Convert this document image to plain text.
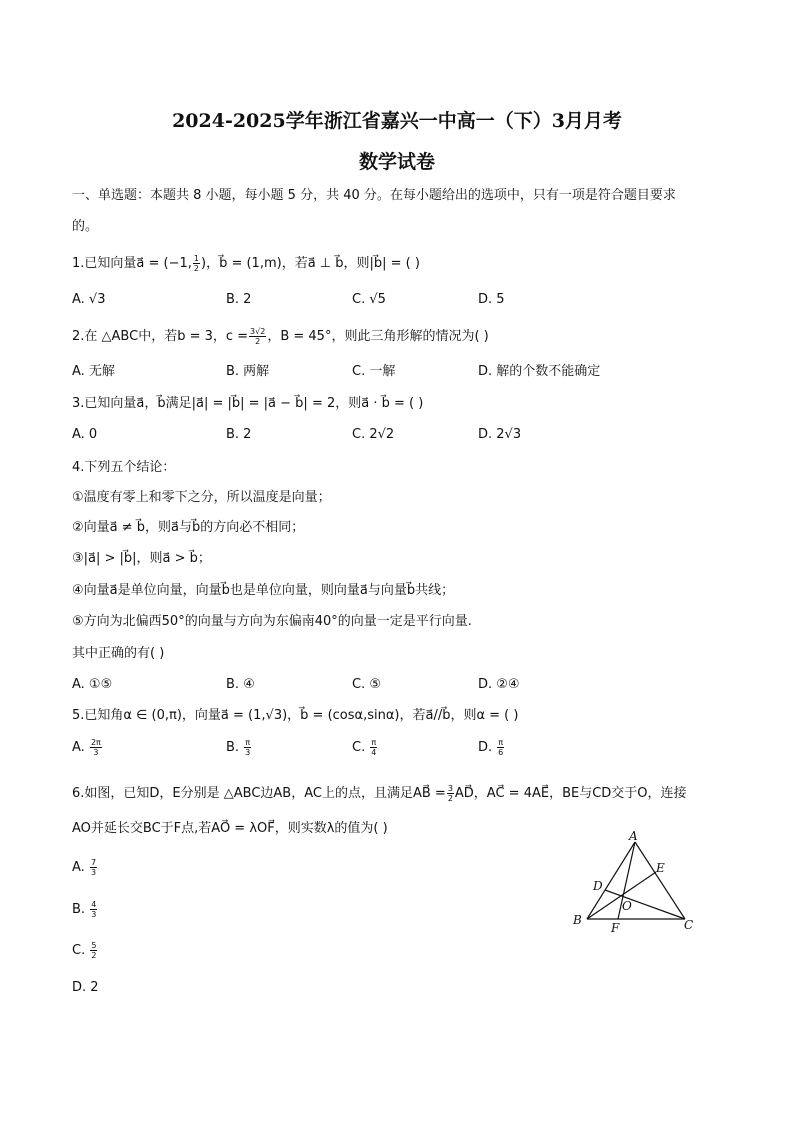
2024-2025学年浙江省嘉兴一中高一（下）3月月考
数学试卷
一、单选题：本题共 8 小题，每小题 5 分，共 40 分。在每小题给出的选项中，只有一项是符合题目要求
的。
1.已知向量a⃗ = (−1, $\frac{1}{2}$ )，b⃗ = (1,m)，若a⃗ ⊥ b⃗，则|b⃗| = ( )
A. √3	B. 2	C. √5	D. 5
2.在 △ABC中，若b = 3，$c = \frac{3√2}{2}$ ，B = 45°，则此三角形解的情况为( )
A. 无解	B. 两解	C. 一解	D. 解的个数不能确定
3.已知向量a⃗，b⃗满足|a⃗| = |b⃗| = |a⃗ − b⃗| = 2，则a⃗ · b⃗ = ( )
A. 0	B. 2	C. 2√2	D. 2√3
4.下列五个结论：
①温度有零上和零下之分，所以温度是向量；
②向量a⃗ ≠ b⃗，则a⃗与b⃗的方向必不相同；
③|a⃗| > |b⃗|，则a⃗ > b⃗；
④向量a⃗是单位向量，向量b⃗也是单位向量，则向量a⃗与向量b⃗共线；
⑤方向为北偏西50°的向量与方向为东偏南40°的向量一定是平行向量.
其中正确的有( )
A. ①⑤	B. ④	C. ⑤	D. ②④
5.已知角α ∈ (0,π)，向量a⃗ = (1,√3)，b⃗ = (cosα,sinα)，若a⃗//b⃗，则α = ( )
A. $\frac{2\pi}{3}$	B. $\frac{\pi}{3}$	C. $\frac{\pi}{4}$	D. $\frac{\pi}{6}$
6.如图，已知D，E分别是 △ABC边AB，AC上的点，且满足AB⃗ = $\frac{3}{2}$ AD⃗，AC⃗ = 4AE⃗，BE与CD交于O，连接
AO并延长交BC于F点,若AO⃗ = λOF⃗，则实数λ的值为( )
A. $\frac{7}{3}$
B. $\frac{4}{3}$
C. $\frac{5}{2}$
D. 2
A
E
D
O
B
F	C
